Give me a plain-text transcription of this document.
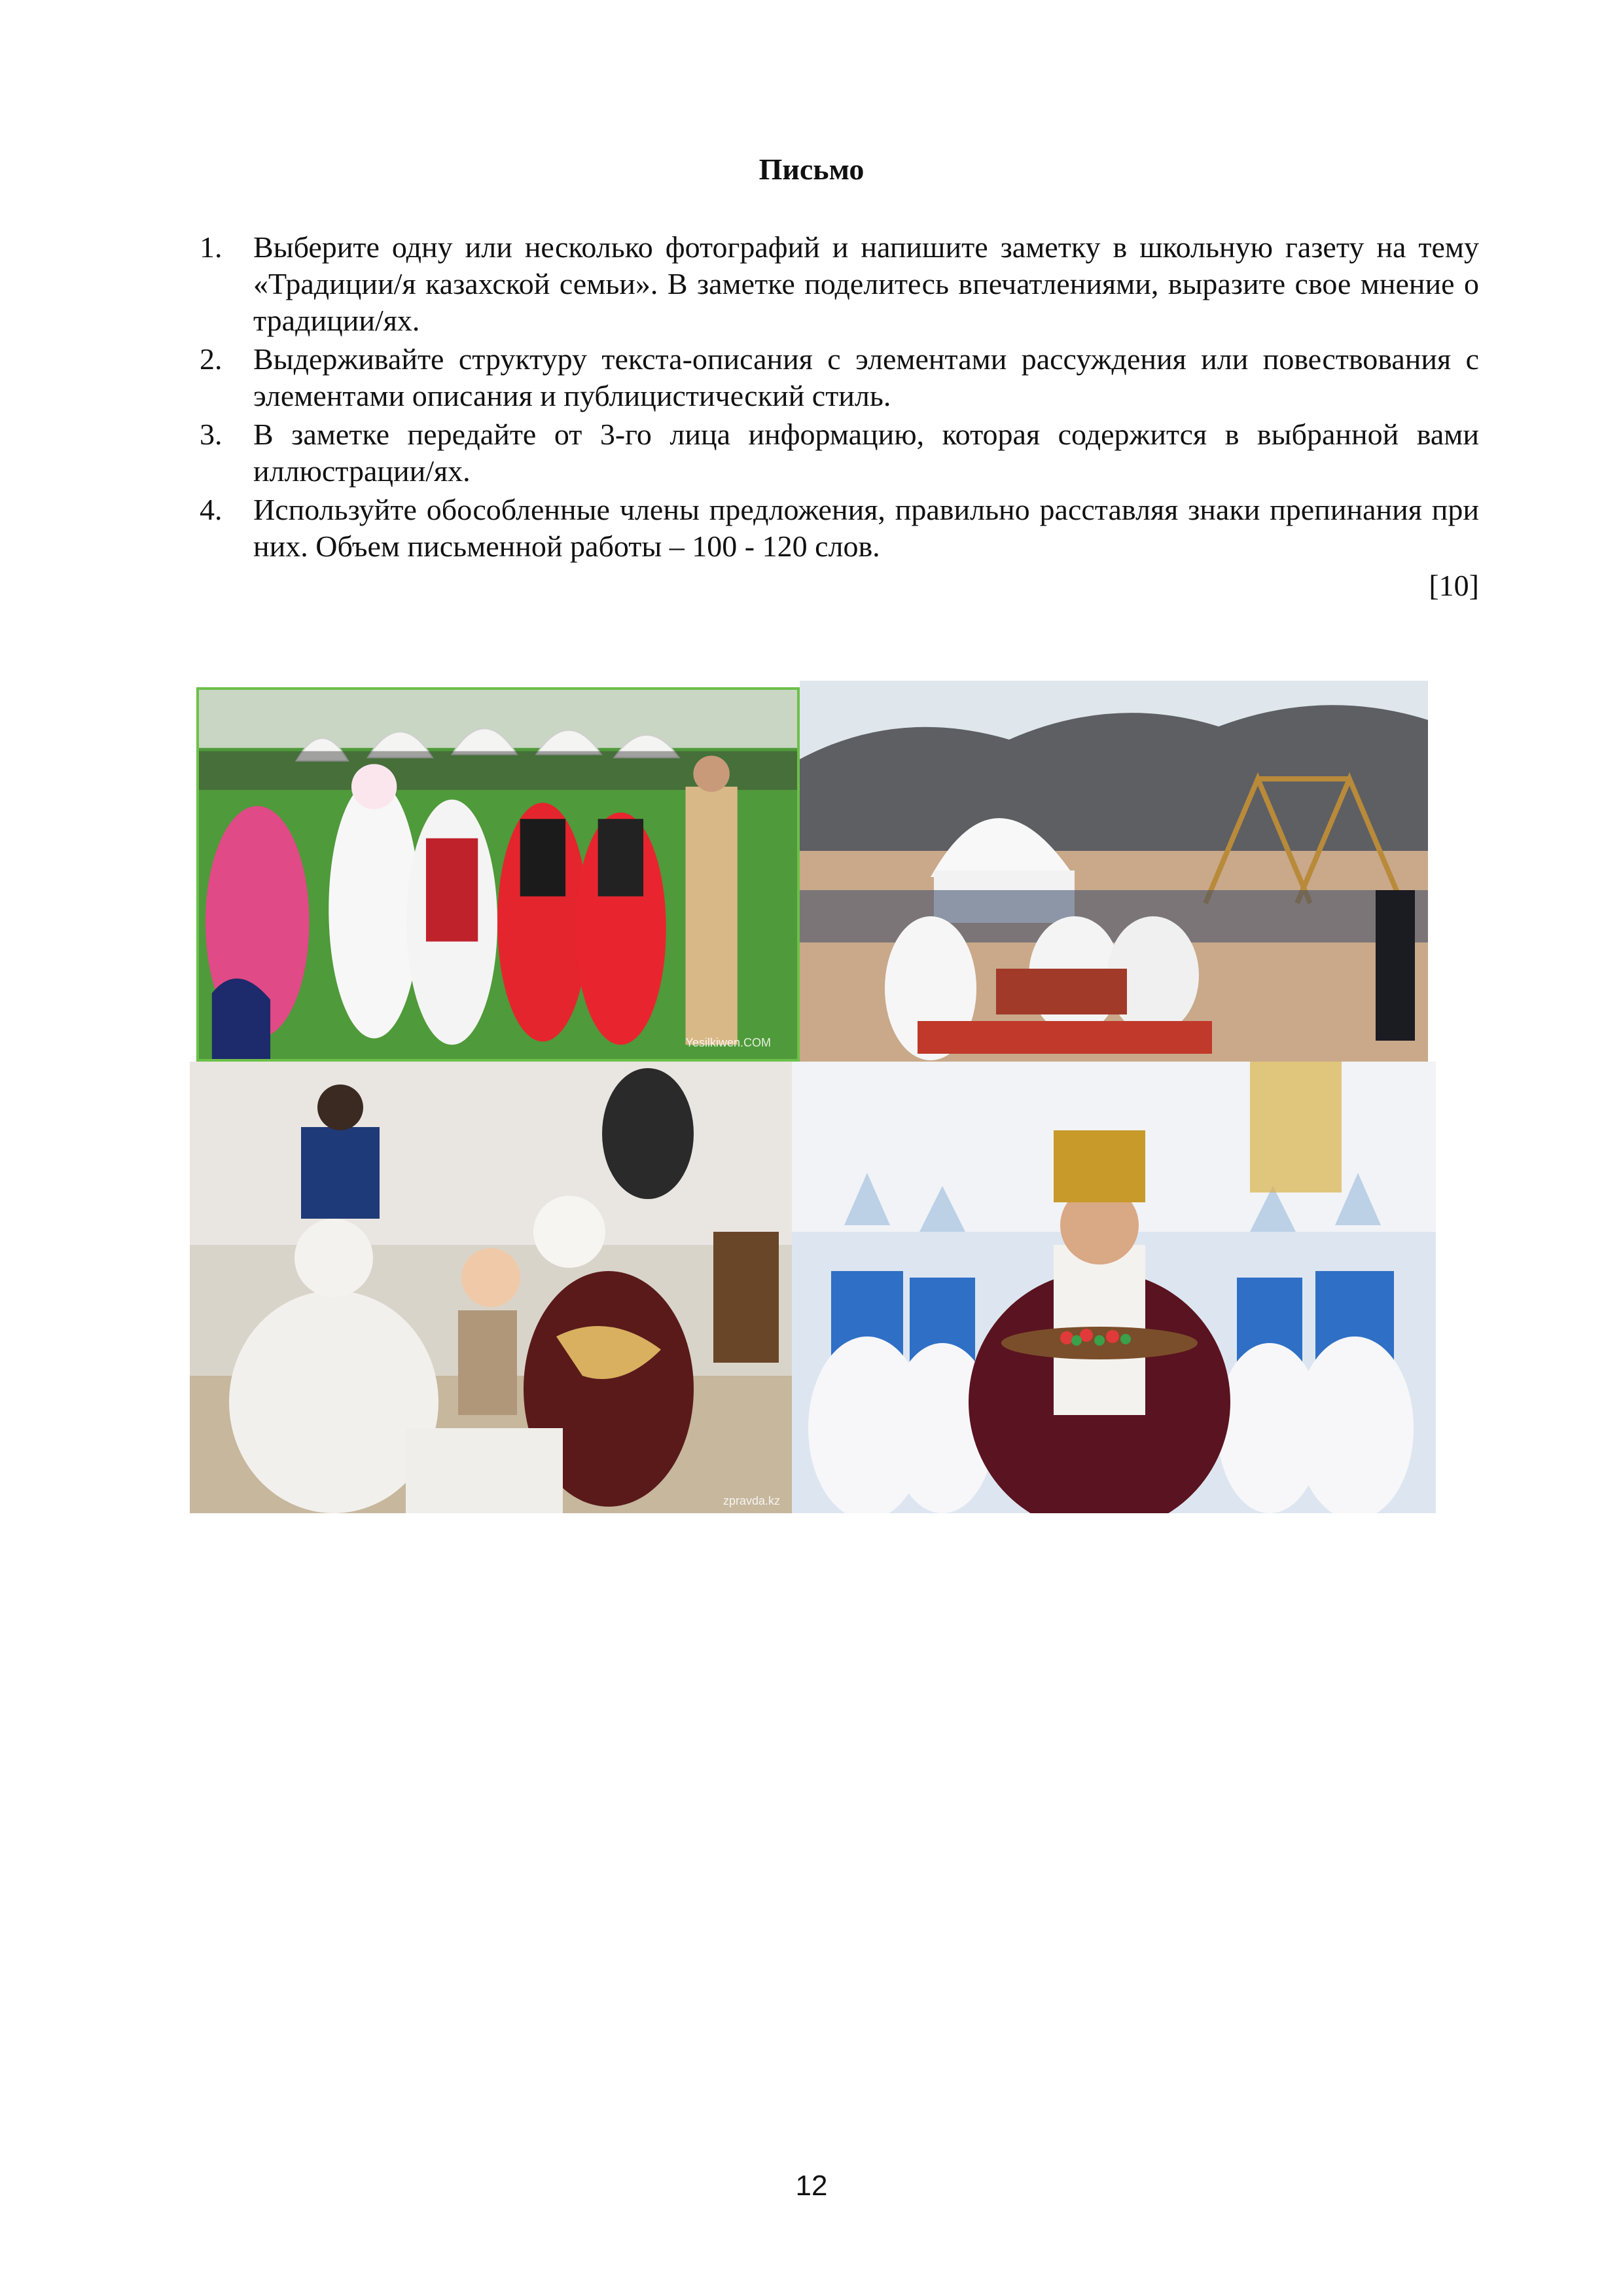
Письмо
1. Выберите одну или несколько фотографий и напишите заметку в школьную газету на тему «Традиции/я казахской семьи». В заметке поделитесь впечатлениями, выразите свое мнение о традиции/ях.
2. Выдерживайте структуру текста-описания с элементами рассуждения или повествования с элементами описания и публицистический стиль.
3. В заметке передайте от 3-го лица информацию, которая содержится в выбранной вами иллюстрации/ях.
4. Используйте обособленные члены предложения, правильно расставляя знаки препинания при них. Объем письменной работы – 100 - 120 слов.
[10]
Yesilkiwen.COM
zpravda.kz
12
